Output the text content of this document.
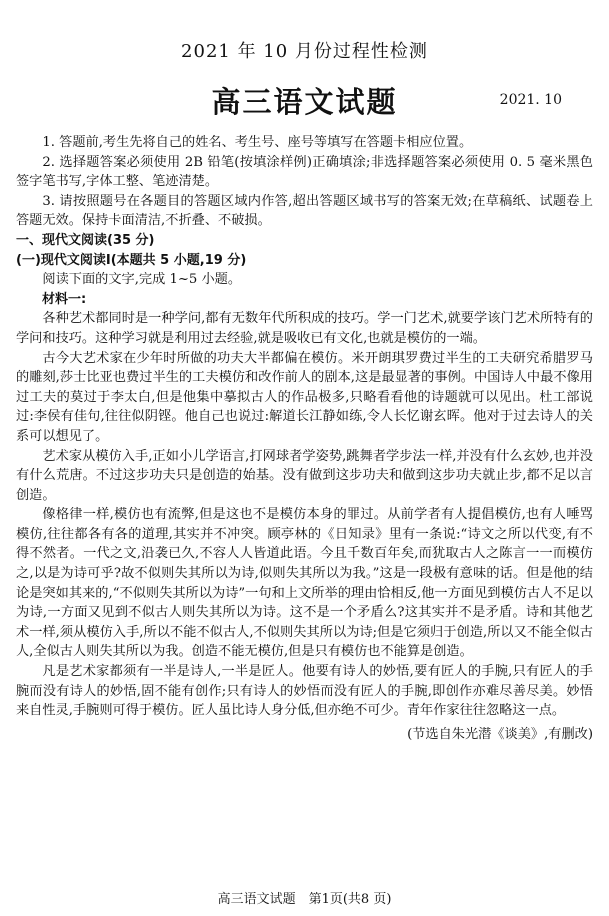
2021 年 10 月份过程性检测
高三语文试题	2021. 10

1. 答题前,考生先将自己的姓名、考生号、座号等填写在答题卡相应位置。

2. 选择题答案必须使用 2B 铅笔(按填涂样例)正确填涂;非选择题答案必须使用 0. 5 毫米黑色签字笔书写,字体工整、笔迹清楚。

3. 请按照题号在各题目的答题区域内作答,超出答题区域书写的答案无效;在草稿纸、试题卷上答题无效。保持卡面清洁,不折叠、不破损。

一、现代文阅读(35 分)

(一)现代文阅读Ⅰ(本题共 5 小题,19 分)

阅读下面的文字,完成 1~5 小题。

材料一:

各种艺术都同时是一种学问,都有无数年代所积成的技巧。学一门艺术,就要学该门艺术所特有的学问和技巧。这种学习就是利用过去经验,就是吸收已有文化,也就是模仿的一端。

古今大艺术家在少年时所做的功夫大半都偏在模仿。米开朗琪罗费过半生的工夫研究希腊罗马的雕刻,莎士比亚也费过半生的工夫模仿和改作前人的剧本,这是最显著的事例。中国诗人中最不像用过工夫的莫过于李太白,但是他集中摹拟古人的作品极多,只略看看他的诗题就可以见出。杜工部说过:李侯有佳句,往往似阴铿。他自己也说过:解道长江静如练,令人长忆谢玄晖。他对于过去诗人的关系可以想见了。

艺术家从模仿入手,正如小儿学语言,打网球者学姿势,跳舞者学步法一样,并没有什么玄妙,也并没有什么荒唐。不过这步功夫只是创造的始基。没有做到这步功夫和做到这步功夫就止步,都不足以言创造。

像格律一样,模仿也有流弊,但是这也不是模仿本身的罪过。从前学者有人提倡模仿,也有人唾骂模仿,往往都各有各的道理,其实并不冲突。顾亭林的《日知录》里有一条说:“诗文之所以代变,有不得不然者。一代之文,沿袭已久,不容人人皆道此语。今且千数百年矣,而犹取古人之陈言一一而模仿之,以是为诗可乎?故不似则失其所以为诗,似则失其所以为我。”这是一段极有意味的话。但是他的结论是突如其来的,“不似则失其所以为诗”一句和上文所举的理由恰相反,他一方面见到模仿古人不足以为诗,一方面又见到不似古人则失其所以为诗。这不是一个矛盾么?这其实并不是矛盾。诗和其他艺术一样,须从模仿入手,所以不能不似古人,不似则失其所以为诗;但是它须归于创造,所以又不能全似古人,全似古人则失其所以为我。创造不能无模仿,但是只有模仿也不能算是创造。

凡是艺术家都须有一半是诗人,一半是匠人。他要有诗人的妙悟,要有匠人的手腕,只有匠人的手腕而没有诗人的妙悟,固不能有创作;只有诗人的妙悟而没有匠人的手腕,即创作亦难尽善尽美。妙悟来自性灵,手腕则可得于模仿。匠人虽比诗人身分低,但亦绝不可少。青年作家往往忽略这一点。

(节选自朱光潜《谈美》,有删改)

高三语文试题　第1页(共8 页)
